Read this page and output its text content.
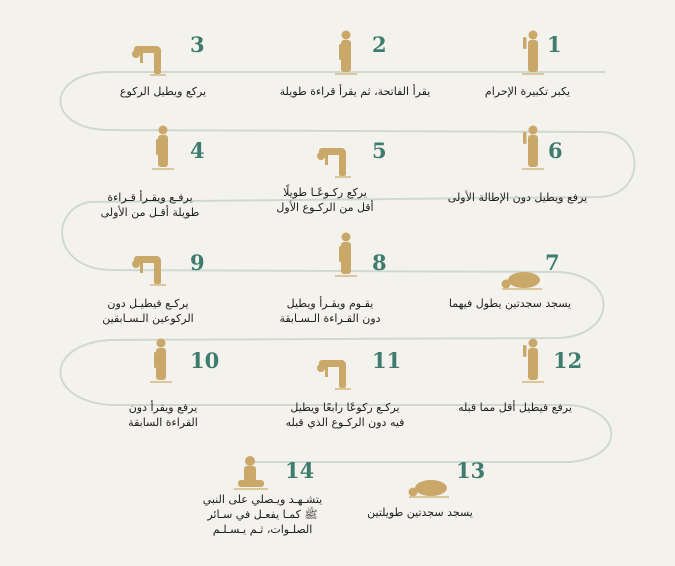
1
يكبر تكبيرة الإحرام
2
يقرأ الفاتحة، ثم يقرأ قراءة طويلة
3
يركع ويطيل الركوع
4
يرفـع ويقـرأ قـراءة
طويلة أقـل من الأولى
5
يركع ركـوعًـا طويلًا
أقل من الركـوع الأول
6
يرفع ويطيل دون الإطالة الأولى
7
يسجد سجدتين يطول فيهما
8
يقـوم ويقـرأ ويطيل
دون القـراءة الـسـابقة
9
يركـع فيطيـل دون
الركوعين الـسـابقين
10
يرفع ويقرأ دون
القراءة السابقة
11
يركـع ركوعًا رابعًا ويطيل
فيه دون الركـوع الذي قبله
12
يرفع فيطيل أقل مما قبله
13
يسجد سجدتين طويلتين
14
يتشـهـد ويـصلي على النبي
ﷺ كمـا يفعـل في سـائر
الصلـوات، ثـم يـسـلـم
